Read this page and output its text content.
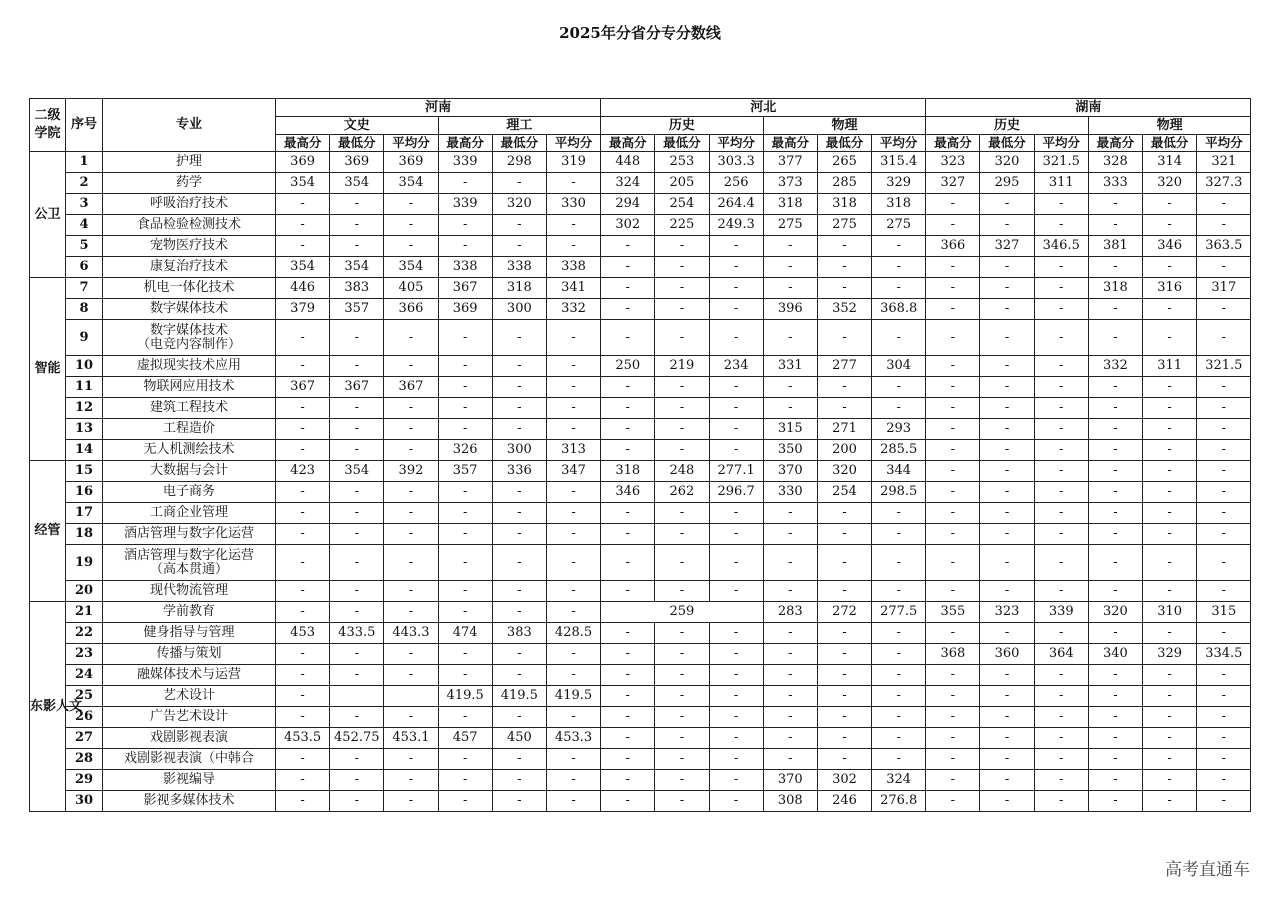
2025年分省分专分数线
二级学院	序号	专业	河南						河北						湖南					
			文史			理工			历史			物理			历史			物理		
			最高分	最低分	平均分	最高分	最低分	平均分	最高分	最低分	平均分	最高分	最低分	平均分	最高分	最低分	平均分	最高分	最低分	平均分
公卫	1	护理	369	369	369	339	298	319	448	253	303.3	377	265	315.4	323	320	321.5	328	314	321
	2	药学	354	354	354	-	-	-	324	205	256	373	285	329	327	295	311	333	320	327.3
	3	呼吸治疗技术	-	-	-	339	320	330	294	254	264.4	318	318	318	-	-	-	-	-	-
	4	食品检验检测技术	-	-	-	-	-	-	302	225	249.3	275	275	275	-	-	-	-	-	-
	5	宠物医疗技术	-	-	-	-	-	-	-	-	-	-	-	-	366	327	346.5	381	346	363.5
	6	康复治疗技术	354	354	354	338	338	338	-	-	-	-	-	-	-	-	-	-	-	-
智能	7	机电一体化技术	446	383	405	367	318	341	-	-	-	-	-	-	-	-	-	318	316	317
	8	数字媒体技术	379	357	366	369	300	332	-	-	-	396	352	368.8	-	-	-	-	-	-
	9	数字媒体技术
（电竞内容制作）	-	-	-	-	-	-	-	-	-	-	-	-	-	-	-	-	-	-
	10	虚拟现实技术应用	-	-	-	-	-	-	250	219	234	331	277	304	-	-	-	332	311	321.5
	11	物联网应用技术	367	367	367	-	-	-	-	-	-	-	-	-	-	-	-	-	-	-
	12	建筑工程技术	-	-	-	-	-	-	-	-	-	-	-	-	-	-	-	-	-	-
	13	工程造价	-	-	-	-	-	-	-	-	-	315	271	293	-	-	-	-	-	-
	14	无人机测绘技术	-	-	-	326	300	313	-	-	-	350	200	285.5	-	-	-	-	-	-
经管	15	大数据与会计	423	354	392	357	336	347	318	248	277.1	370	320	344	-	-	-	-	-	-
	16	电子商务	-	-	-	-	-	-	346	262	296.7	330	254	298.5	-	-	-	-	-	-
	17	工商企业管理	-	-	-	-	-	-	-	-	-	-	-	-	-	-	-	-	-	-
	18	酒店管理与数字化运营	-	-	-	-	-	-	-	-	-	-	-	-	-	-	-	-	-	-
	19	酒店管理与数字化运营
（高本贯通）	-	-	-	-	-	-	-	-	-	-	-	-	-	-	-	-	-	-
	20	现代物流管理	-	-	-	-	-	-	-	-	-	-	-	-	-	-	-	-	-	-
东影人文	21	学前教育	-	-	-	-	-	-	259			283	272	277.5	355	323	339	320	310	315
	22	健身指导与管理	453	433.5	443.3	474	383	428.5	-	-	-	-	-	-	-	-	-	-	-	-
	23	传播与策划	-	-	-	-	-	-	-	-	-	-	-	-	368	360	364	340	329	334.5
	24	融媒体技术与运营	-	-	-	-	-	-	-	-	-	-	-	-	-	-	-	-	-	-
	25	艺术设计	-			419.5	419.5	419.5	-	-	-	-	-	-	-	-	-	-	-	-
	26	广告艺术设计	-	-	-	-	-	-	-	-	-	-	-	-	-	-	-	-	-	-
	27	戏剧影视表演	453.5	452.75	453.1	457	450	453.3	-	-	-	-	-	-	-	-	-	-	-	-
	28	戏剧影视表演（中韩合	-	-	-	-	-	-	-	-	-	-	-	-	-	-	-	-	-	-
	29	影视编导	-	-	-	-	-	-	-	-	-	370	302	324	-	-	-	-	-	-
	30	影视多媒体技术	-	-	-	-	-	-	-	-	-	308	246	276.8	-	-	-	-	-	-
高考直通车
